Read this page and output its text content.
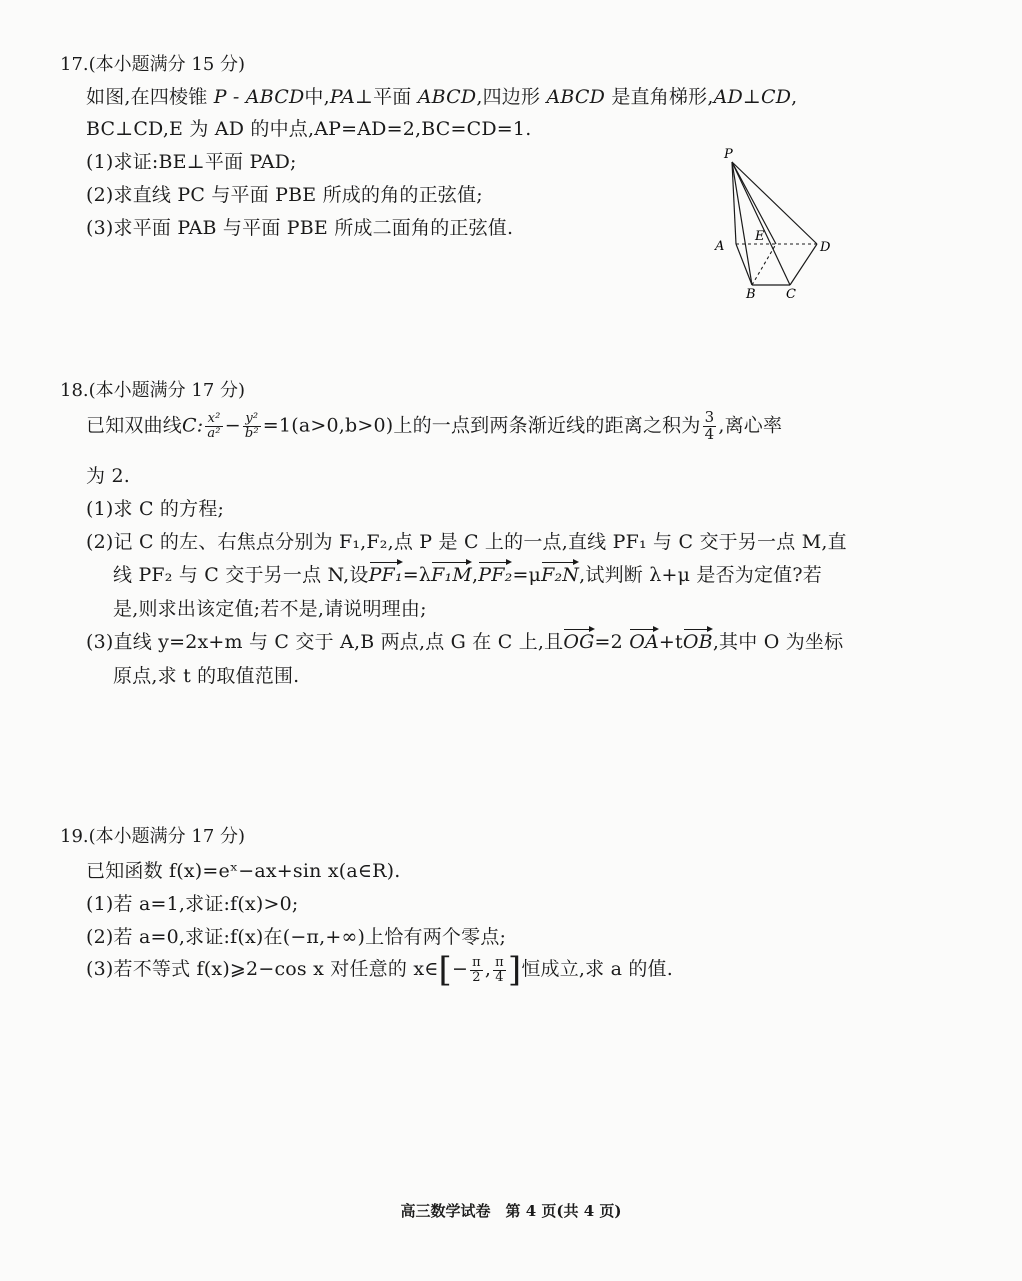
17.(本小题满分 15 分)
如图,在四棱锥 P - ABCD中,PA⊥平面 ABCD,四边形 ABCD 是直角梯形,AD⊥CD,
BC⊥CD,E 为 AD 的中点,AP=AD=2,BC=CD=1.
(1)求证:BE⊥平面 PAD;
(2)求直线 PC 与平面 PBE 所成的角的正弦值;
(3)求平面 PAB 与平面 PBE 所成二面角的正弦值.
P
A
E
D
B C
18.(本小题满分 17 分)
已知双曲线C: $\frac{\text{x²}}{\text{a²}} - \frac{\text{y²}}{\text{b²}} =1(a>0,b>0)$上的一点到两条渐近线的距离之积为 $\frac{3}{4}$ ,离心率
为 2.
(1)求 C 的方程;
(2)记 C 的左、右焦点分别为 F₁,F₂,点 P 是 C 上的一点,直线 PF₁ 与 C 交于另一点 M,直
线 PF₂ 与 C 交于另一点 N,设PF₁=λF₁M,PF₂=μF₂N,试判断 λ+μ 是否为定值?若
是,则求出该定值;若不是,请说明理由;
(3)直线 y=2x+m 与 C 交于 A,B 两点,点 G 在 C 上,且OG=2 OA+tOB,其中 O 为坐标
原点,求 t 的取值范围.
19.(本小题满分 17 分)
已知函数 f(x)=eˣ−ax+sin x(a∈R).
(1)若 a=1,求证:f(x)>0;
(2)若 a=0,求证:f(x)在(−π,+∞)上恰有两个零点;
(3)若不等式 f(x)⩾2−cos x 对任意的 x∈[− $\frac{\pi}{2}$ , $\frac{\pi}{4}$ ]恒成立,求 a 的值.
高三数学试卷　第 4 页(共 4 页)
